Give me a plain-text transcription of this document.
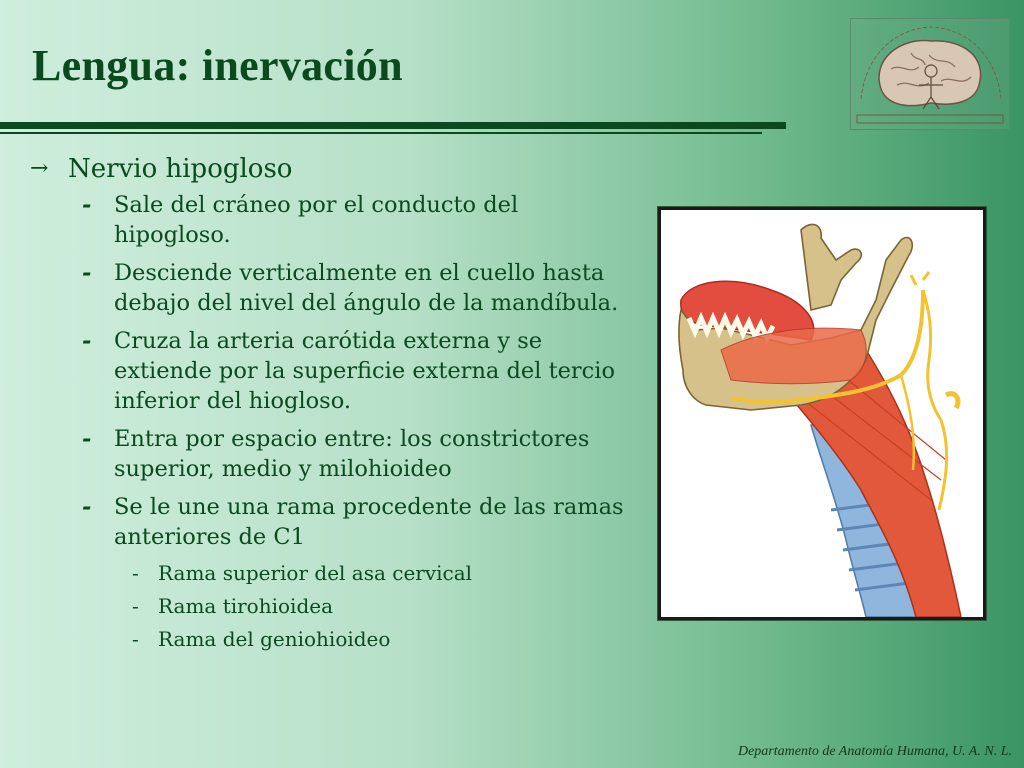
Lengua: inervación
→ Nervio hipogloso
- Sale del cráneo por el conducto del hipogloso.
- Desciende verticalmente en el cuello hasta debajo del nivel del ángulo de la mandíbula.
- Cruza la arteria carótida externa y se extiende por la superficie externa del tercio inferior del hiogloso.
- Entra por espacio entre: los constrictores superior, medio y milohioideo
- Se le une una rama procedente de las ramas anteriores de C1
- Rama superior del asa cervical
- Rama tirohioidea
- Rama del geniohioideo

Departamento de Anatomía Humana, U. A. N. L.
